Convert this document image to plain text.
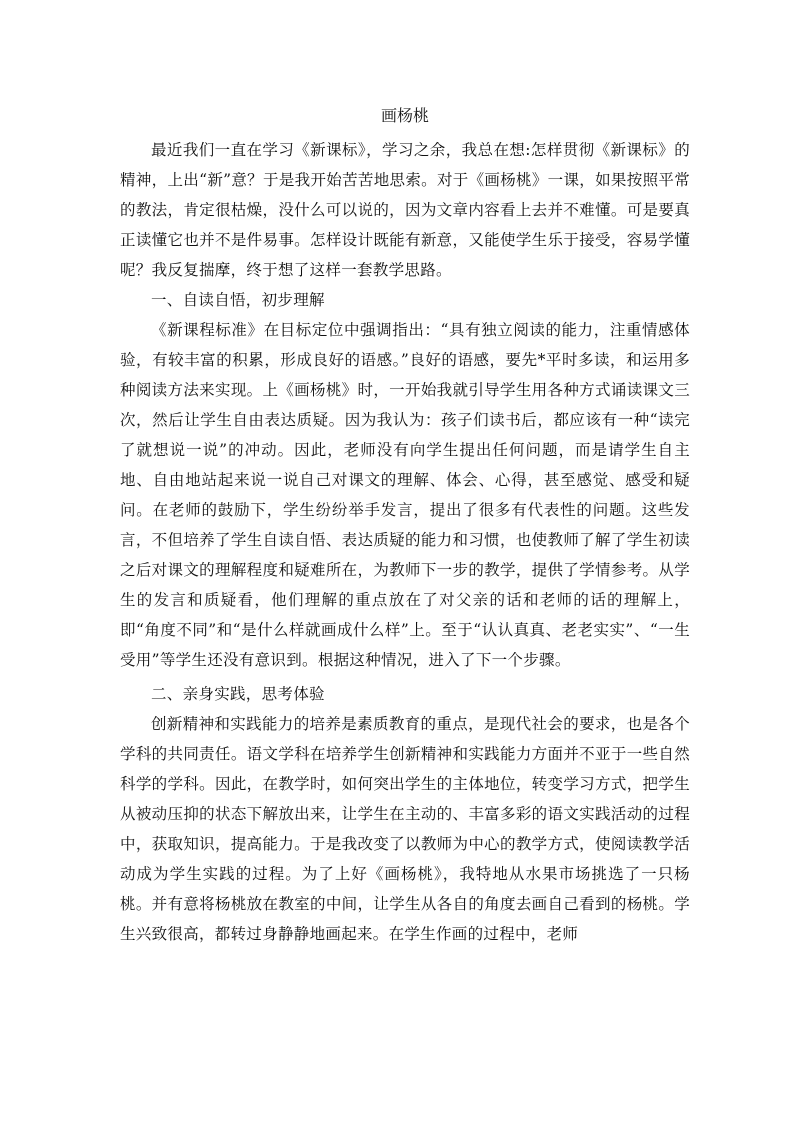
画杨桃

最近我们一直在学习《新课标》，学习之余，我总在想:怎样贯彻《新课标》的精神，上出“新”意？于是我开始苦苦地思索。对于《画杨桃》一课，如果按照平常的教法，肯定很枯燥，没什么可以说的，因为文章内容看上去并不难懂。可是要真正读懂它也并不是件易事。怎样设计既能有新意，又能使学生乐于接受，容易学懂呢？我反复揣摩，终于想了这样一套教学思路。

一、自读自悟，初步理解

《新课程标准》在目标定位中强调指出：“具有独立阅读的能力，注重情感体验，有较丰富的积累，形成良好的语感。”良好的语感，要先*平时多读，和运用多种阅读方法来实现。上《画杨桃》时，一开始我就引导学生用各种方式诵读课文三次，然后让学生自由表达质疑。因为我认为：孩子们读书后，都应该有一种“读完了就想说一说”的冲动。因此，老师没有向学生提出任何问题，而是请学生自主地、自由地站起来说一说自己对课文的理解、体会、心得，甚至感觉、感受和疑问。在老师的鼓励下，学生纷纷举手发言，提出了很多有代表性的问题。这些发言，不但培养了学生自读自悟、表达质疑的能力和习惯，也使教师了解了学生初读之后对课文的理解程度和疑难所在，为教师下一步的教学，提供了学情参考。从学生的发言和质疑看，他们理解的重点放在了对父亲的话和老师的话的理解上，即“角度不同”和“是什么样就画成什么样”上。至于“认认真真、老老实实”、“一生受用”等学生还没有意识到。根据这种情况，进入了下一个步骤。

二、亲身实践，思考体验

创新精神和实践能力的培养是素质教育的重点，是现代社会的要求，也是各个学科的共同责任。语文学科在培养学生创新精神和实践能力方面并不亚于一些自然科学的学科。因此，在教学时，如何突出学生的主体地位，转变学习方式，把学生从被动压抑的状态下解放出来，让学生在主动的、丰富多彩的语文实践活动的过程中，获取知识，提高能力。于是我改变了以教师为中心的教学方式，使阅读教学活动成为学生实践的过程。为了上好《画杨桃》，我特地从水果市场挑选了一只杨桃。并有意将杨桃放在教室的中间，让学生从各自的角度去画自己看到的杨桃。学生兴致很高，都转过身静静地画起来。在学生作画的过程中，老师
